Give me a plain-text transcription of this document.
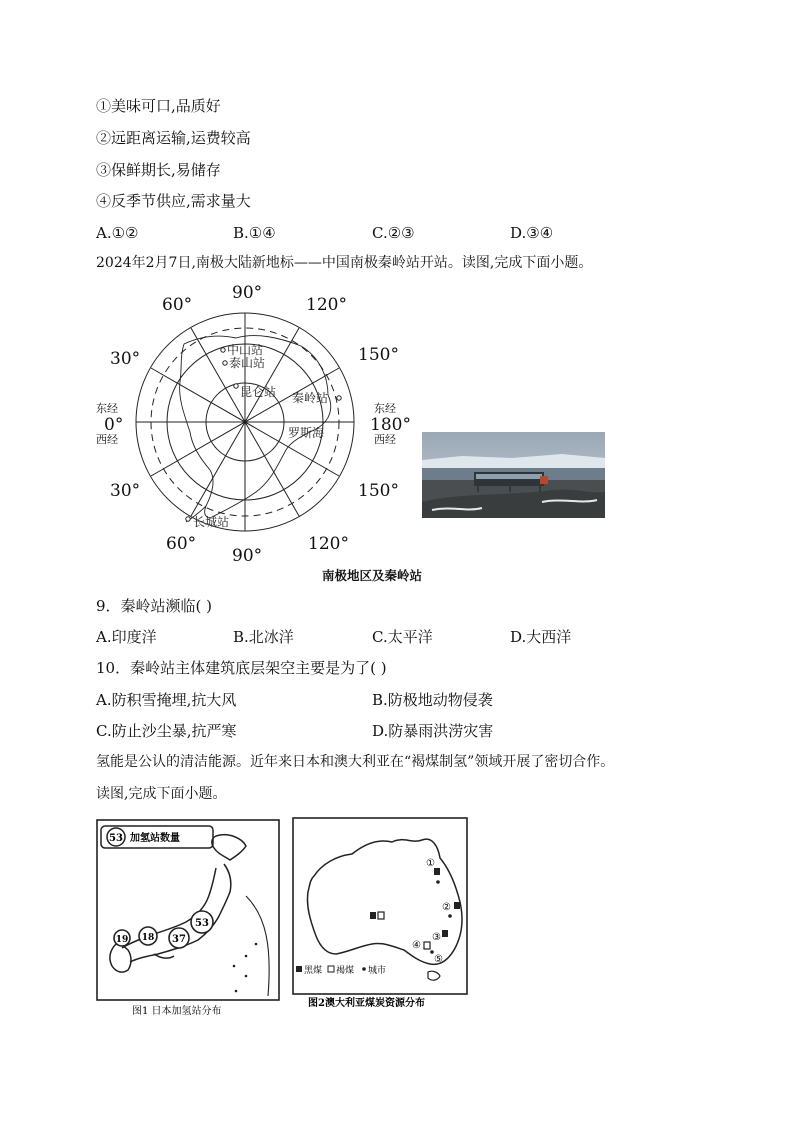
①美味可口,品质好
②远距离运输,运费较高
③保鲜期长,易储存
④反季节供应,需求量大
A.①②	B.①④	C.②③	D.③④
2024年2月7日,南极大陆新地标——中国南极秦岭站开站。读图,完成下面小题。
90°
60°	120°
30°	150°
东经
0°
西经
东经
180°
西经
30°	150°
60°
90°
120°
中山站
泰山站
昆仑站 秦岭站
罗斯海
长城站
南极地区及秦岭站
9．秦岭站濒临( )
A.印度洋	B.北冰洋	C.太平洋	D.大西洋
10．秦岭站主体建筑底层架空主要是为了( )
A.防积雪掩埋,抗大风	B.防极地动物侵袭
C.防止沙尘暴,抗严寒	D.防暴雨洪涝灾害
氢能是公认的清洁能源。近年来日本和澳大利亚在“褐煤制氢”领域开展了密切合作。
读图,完成下面小题。
53 加氢站数量
53
37
18
19
图1 日本加氢站分布
①
②
③
④
⑤
黑煤 褐煤 城市
图2澳大利亚煤炭资源分布
